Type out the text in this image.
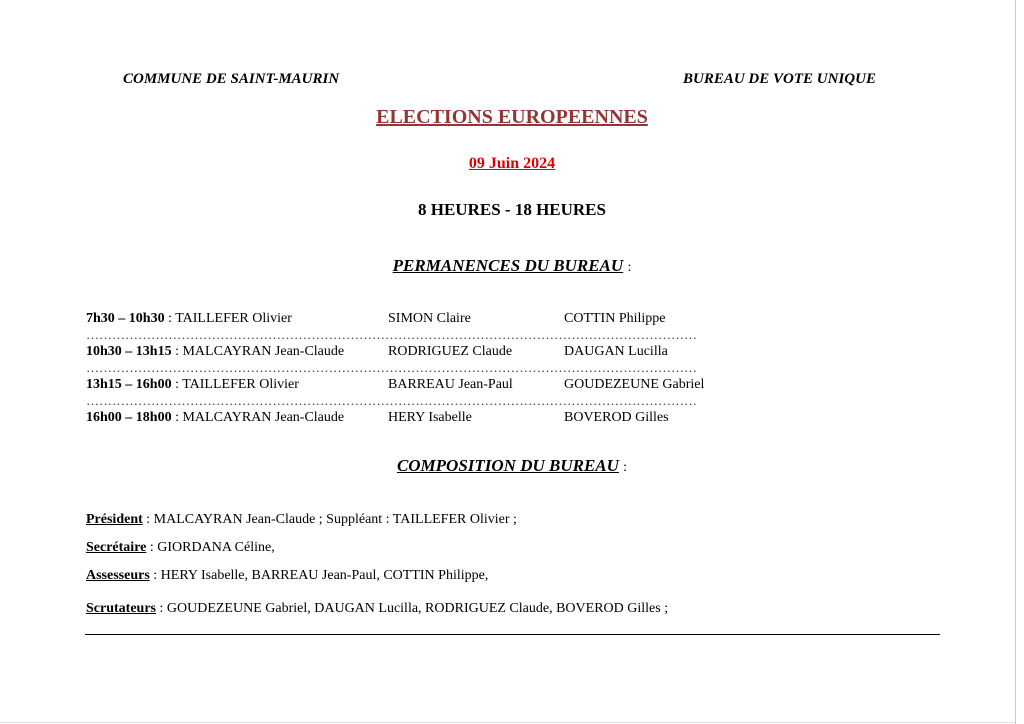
COMMUNE DE SAINT-MAURIN	BUREAU DE VOTE UNIQUE
ELECTIONS EUROPEENNES
09 Juin 2024
8 HEURES - 18 HEURES
PERMANENCES DU BUREAU :
7h30 – 10h30 : TAILLEFER Olivier	SIMON Claire	COTTIN Philippe
……………………………………………………………………………………………………………………………
10h30 – 13h15 : MALCAYRAN Jean-Claude	RODRIGUEZ Claude	DAUGAN Lucilla
……………………………………………………………………………………………………………………………
13h15 – 16h00 : TAILLEFER Olivier	BARREAU Jean-Paul	GOUDEZEUNE Gabriel
……………………………………………………………………………………………………………………………
16h00 – 18h00 : MALCAYRAN Jean-Claude	HERY Isabelle	BOVEROD Gilles
COMPOSITION DU BUREAU :
Président : MALCAYRAN Jean-Claude ; Suppléant : TAILLEFER Olivier ;
Secrétaire : GIORDANA Céline,
Assesseurs : HERY Isabelle, BARREAU Jean-Paul, COTTIN Philippe,
Scrutateurs : GOUDEZEUNE Gabriel, DAUGAN Lucilla, RODRIGUEZ Claude, BOVEROD Gilles ;
